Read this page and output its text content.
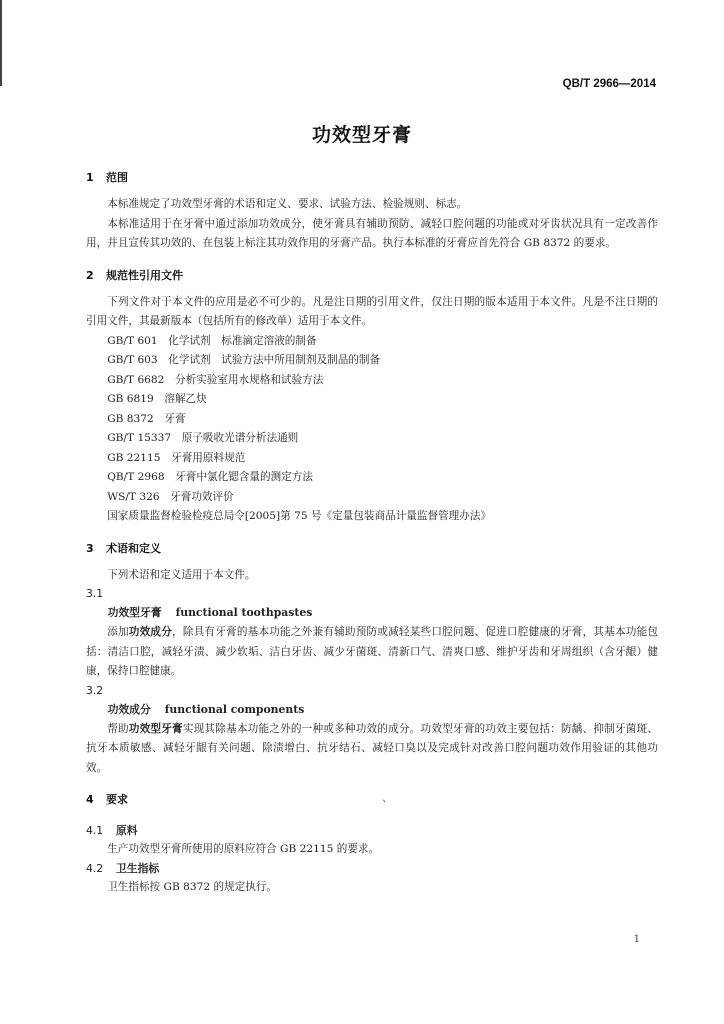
QB/T 2966—2014
功效型牙膏
1 范围

本标准规定了功效型牙膏的术语和定义、要求、试验方法、检验规则、标志。

本标准适用于在牙膏中通过添加功效成分，使牙膏具有辅助预防、减轻口腔问题的功能或对牙齿状况具有一定改善作用，并且宣传其功效的、在包装上标注其功效作用的牙膏产品。执行本标准的牙膏应首先符合 GB 8372 的要求。

2 规范性引用文件

下列文件对于本文件的应用是必不可少的。凡是注日期的引用文件，仅注日期的版本适用于本文件。凡是不注日期的引用文件，其最新版本（包括所有的修改单）适用于本文件。

GB/T 601　化学试剂　标准滴定溶液的制备
GB/T 603　化学试剂　试验方法中所用制剂及制品的制备
GB/T 6682　分析实验室用水规格和试验方法
GB 6819　溶解乙炔
GB 8372　牙膏
GB/T 15337　原子吸收光谱分析法通则
GB 22115　牙膏用原料规范
QB/T 2968　牙膏中氯化锶含量的测定方法
WS/T 326　牙膏功效评价
国家质量监督检验检疫总局令[2005]第 75 号《定量包装商品计量监督管理办法》
3 术语和定义

下列术语和定义适用于本文件。

3.1
功效型牙膏 functional toothpastes

添加功效成分，除具有牙膏的基本功能之外兼有辅助预防或减轻某些口腔问题、促进口腔健康的牙膏，其基本功能包括：清洁口腔，减轻牙渍、减少软垢、洁白牙齿、减少牙菌斑、清新口气、清爽口感、维护牙齿和牙周组织（含牙龈）健康，保持口腔健康。

3.2
功效成分 functional components

帮助功效型牙膏实现其除基本功能之外的一种或多种功效的成分。功效型牙膏的功效主要包括：防龋、抑制牙菌斑、抗牙本质敏感、减轻牙龈有关问题、除渍增白、抗牙结石、减轻口臭以及完成针对改善口腔问题功效作用验证的其他功效。

4 要求	、
4.1 原料

生产功效型牙膏所使用的原料应符合 GB 22115 的要求。

4.2 卫生指标

卫生指标按 GB 8372 的规定执行。

1
